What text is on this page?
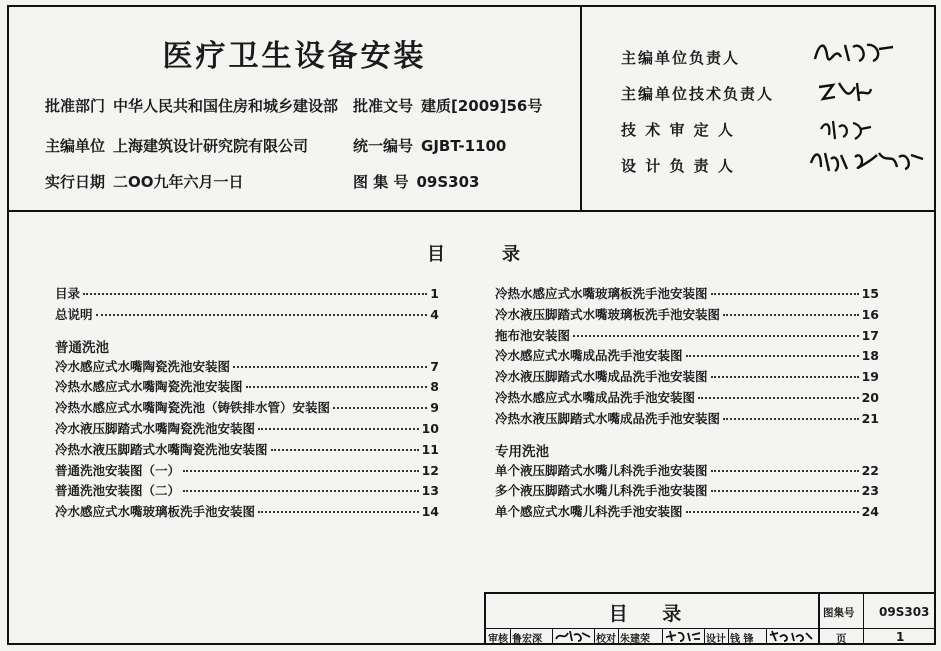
医疗卫生设备安装
批准部门 中华人民共和国住房和城乡建设部 批准文号 建质[2009]56号
主编单位 上海建筑设计研究院有限公司	统一编号 GJBT-1100
实行日期 二OO九年六月一日	图 集 号 09S303
主编单位负责人
主编单位技术负责人
技 术 审 定 人
设 计 负 责 人
目	录
目录	1
总说明	4
普通洗池
冷水感应式水嘴陶瓷洗池安装图	7
冷热水感应式水嘴陶瓷洗池安装图	8
冷热水感应式水嘴陶瓷洗池（铸铁排水管）安装图	9
冷水液压脚踏式水嘴陶瓷洗池安装图	10
冷热水液压脚踏式水嘴陶瓷洗池安装图	11
普通洗池安装图（一）	12
普通洗池安装图（二）	13
冷水感应式水嘴玻璃板洗手池安装图	14
冷热水感应式水嘴玻璃板洗手池安装图	15
冷水液压脚踏式水嘴玻璃板洗手池安装图	16
拖布池安装图	17
冷水感应式水嘴成品洗手池安装图	18
冷水液压脚踏式水嘴成品洗手池安装图	19
冷热水感应式水嘴成品洗手池安装图	20
冷热水液压脚踏式水嘴成品洗手池安装图	21
专用洗池
单个液压脚踏式水嘴儿科洗手池安装图	22
多个液压脚踏式水嘴儿科洗手池安装图	23
单个感应式水嘴儿科洗手池安装图	24
目 录	图集号 09S303
页	1
审核 鲁宏深	校对 朱建荣	设计 钱 锋
